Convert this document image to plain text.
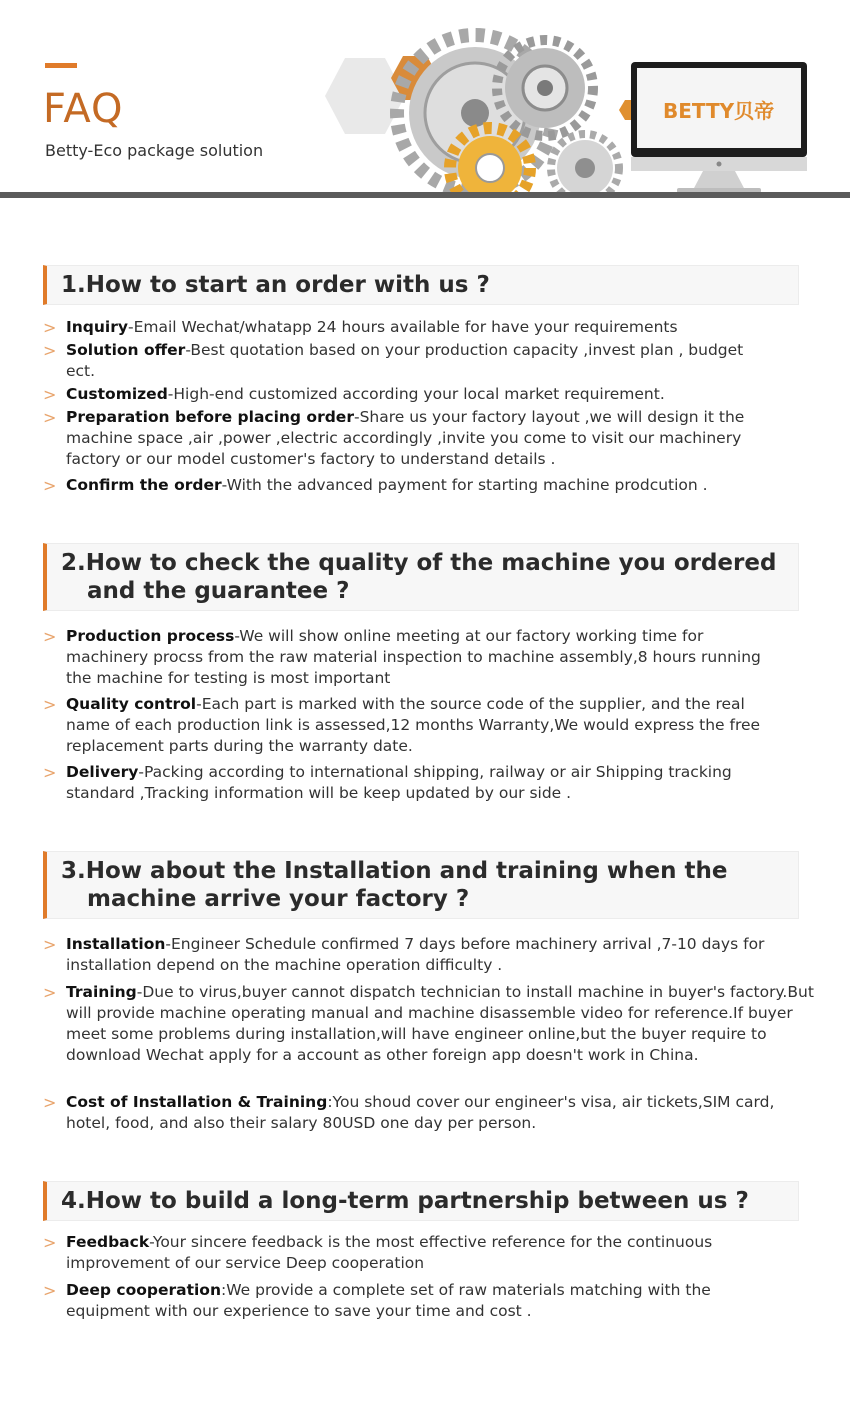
FAQ
Betty-Eco package solution
BETTY贝帝
1.How to start an order with us ?
> Inquiry-Email Wechat/whatapp 24 hours available for have your requirements
> Solution offer-Best quotation based on your production capacity ,invest plan , budget ect.
> Customized-High-end customized according your local market requirement.
> Preparation before placing order-Share us your factory layout ,we will design it the machine space ,air ,power ,electric accordingly ,invite you come to visit our machinery factory or our model customer's factory to understand details .
> Confirm the order-With the advanced payment for starting machine prodcution .
2.How to check the quality of the machine you ordered
and the guarantee ?
> Production process-We will show online meeting at our factory working time for machinery procss from the raw material inspection to machine assembly,8 hours running the machine for testing is most important
> Quality control-Each part is marked with the source code of the supplier, and the real name of each production link is assessed,12 months Warranty,We would express the free replacement parts during the warranty date.
> Delivery-Packing according to international shipping, railway or air Shipping tracking standard ,Tracking information will be keep updated by our side .
3.How about the Installation and training when the
machine arrive your factory ?
> Installation-Engineer Schedule confirmed 7 days before machinery arrival ,7-10 days for installation depend on the machine operation difficulty .
> Training-Due to virus,buyer cannot dispatch technician to install machine in buyer's factory.But will provide machine operating manual and machine disassemble video for reference.If buyer meet some problems during installation,will have engineer online,but the buyer require to download Wechat apply for a account as other foreign app doesn't work in China.
> Cost of Installation & Training:You shoud cover our engineer's visa, air tickets,SIM card, hotel, food, and also their salary 80USD one day per person.
4.How to build a long-term partnership between us ?
> Feedback-Your sincere feedback is the most effective reference for the continuous improvement of our service Deep cooperation
> Deep cooperation:We provide a complete set of raw materials matching with the equipment with our experience to save your time and cost .
